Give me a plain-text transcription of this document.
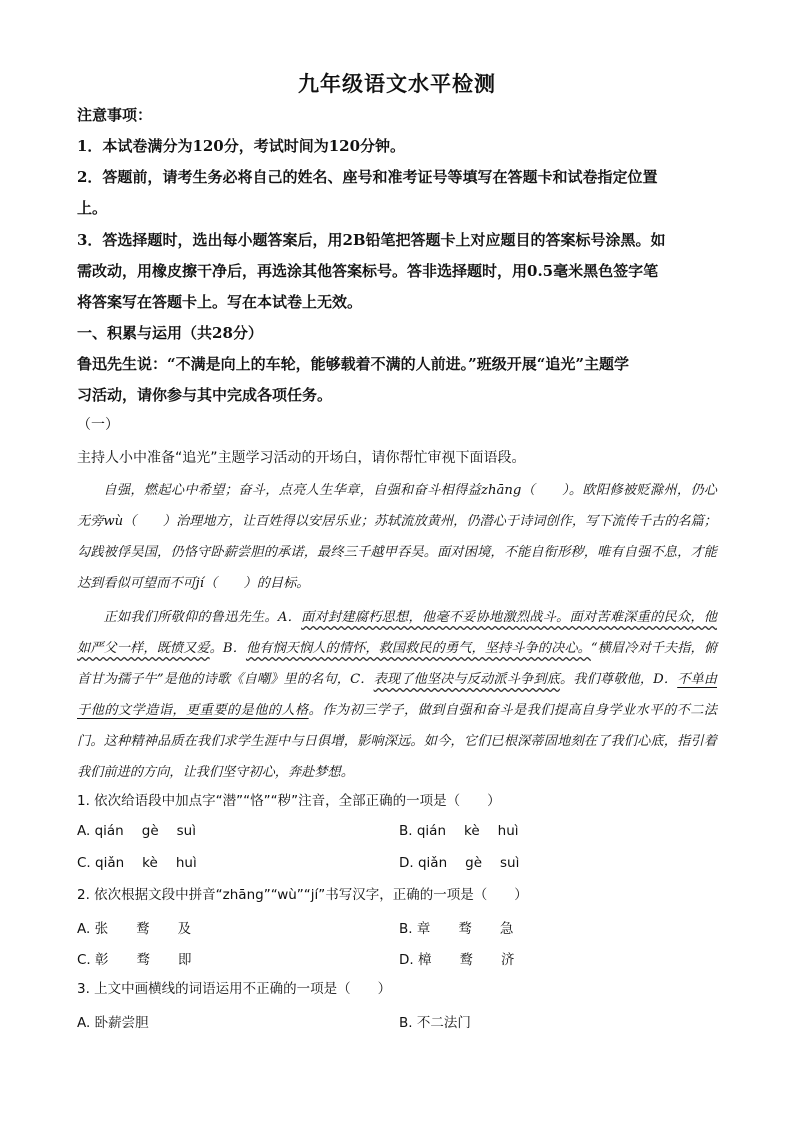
九年级语文水平检测
注意事项：
1．本试卷满分为120分，考试时间为120分钟。
2．答题前，请考生务必将自己的姓名、座号和准考证号等填写在答题卡和试卷指定位置
上。
3．答选择题时，选出每小题答案后，用2B铅笔把答题卡上对应题目的答案标号涂黑。如
需改动，用橡皮擦干净后，再选涂其他答案标号。答非选择题时，用0.5毫米黑色签字笔
将答案写在答题卡上。写在本试卷上无效。
一、积累与运用（共28分）
鲁迅先生说：“不满是向上的车轮，能够载着不满的人前进。”班级开展“追光”主题学
习活动，请你参与其中完成各项任务。
（一）
主持人小中准备“追光”主题学习活动的开场白，请你帮忙审视下面语段。

自强，燃起心中希望；奋斗，点亮人生华章，自强和奋斗相得益zhāng（　　）。欧阳修被贬滁州，仍心无旁wù（　　）治理地方，让百姓得以安居乐业；苏轼流放黄州，仍潜心于诗词创作，写下流传千古的名篇；勾践被俘吴国，仍恪守卧薪尝胆的承诺，最终三千越甲吞吴。面对困境，不能自衔形秽，唯有自强不息，才能达到看似可望而不可jí（　　）的目标。

正如我们所敬仰的鲁迅先生。A．面对封建腐朽思想，他毫不妥协地激烈战斗。面对苦难深重的民众，他如严父一样，既愤又爱。B．他有悯天悯人的情怀，救国救民的勇气，坚持斗争的决心。“横眉冷对千夫指，俯首甘为孺子牛”是他的诗歌《自嘲》里的名句，C．表现了他坚决与反动派斗争到底。我们尊敬他，D．不单由于他的文学造诣，更重要的是他的人格。作为初三学子，做到自强和奋斗是我们提高自身学业水平的不二法门。这种精神品质在我们求学生涯中与日俱增，影响深远。如今，它们已根深蒂固地刻在了我们心底，指引着我们前进的方向，让我们坚守初心，奔赴梦想。

1. 依次给语段中加点字“潜”“恪”“秽”注音，全部正确的一项是（　　）
A. qián gè suì	B. qián kè huì
C. qiǎn kè huì	D. qiǎn gè suì
2. 依次根据文段中拼音“zhāng”“wù”“jí”书写汉字，正确的一项是（　　）
A. 张 鹜 及	B. 章 骛 急
C. 彰 骛 即	D. 樟 鹜 济
3. 上文中画横线的词语运用不正确的一项是（　　）
A. 卧薪尝胆	B. 不二法门
